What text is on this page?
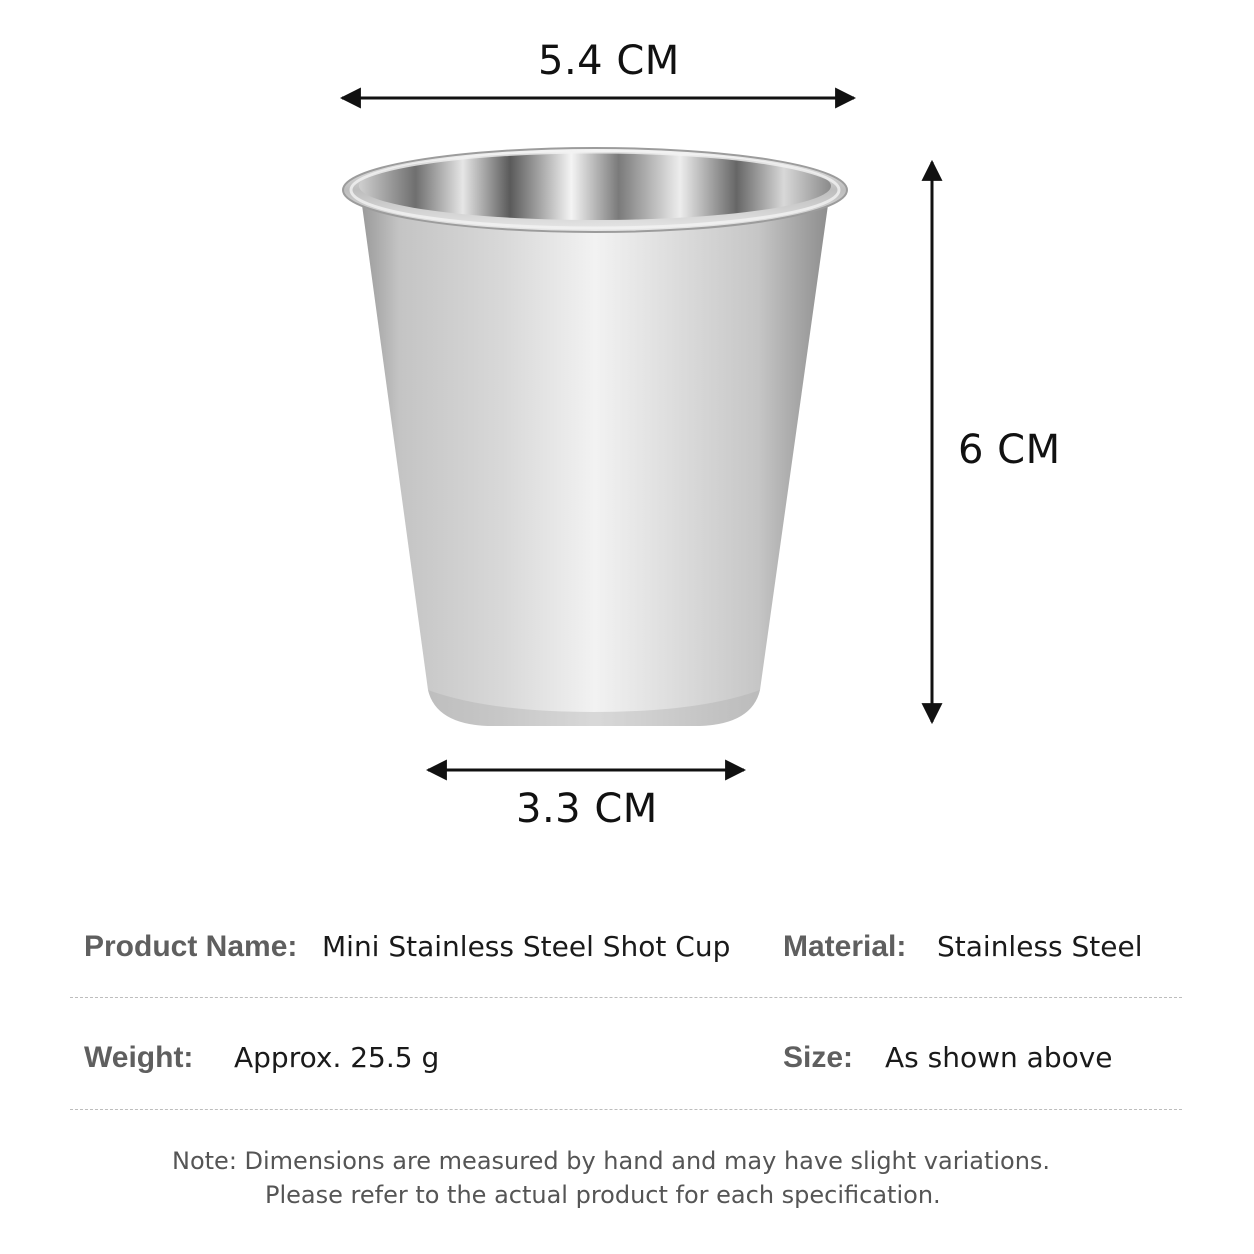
5.4 CM
6 CM
3.3 CM
Product Name: Mini Stainless Steel Shot Cup Material: Stainless Steel
Weight: Approx. 25.5 g	Size: As shown above
Note: Dimensions are measured by hand and may have slight variations.
Please refer to the actual product for each specification.
